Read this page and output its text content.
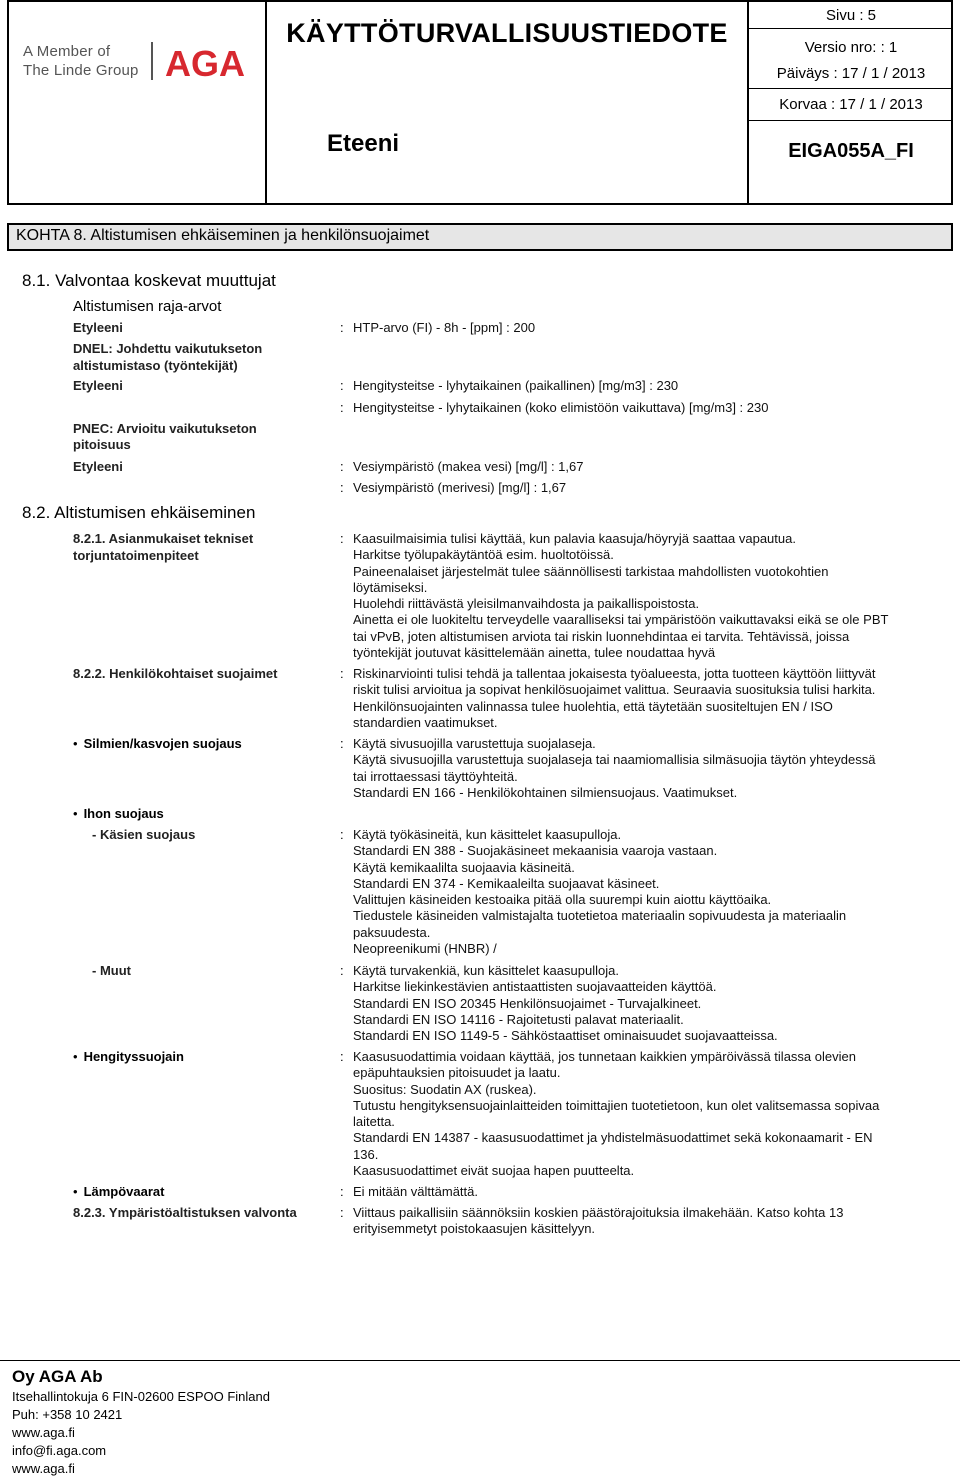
A Member of
The Linde Group AGA
KÄYTTÖTURVALLISUUSTIEDOTE
Eteeni
Sivu : 5
Versio nro: : 1
Päiväys : 17 / 1 / 2013
Korvaa : 17 / 1 / 2013
EIGA055A_FI
KOHTA 8. Altistumisen ehkäiseminen ja henkilönsuojaimet
8.1. Valvontaa koskevat muuttujat
Altistumisen raja-arvot
Etyleeni	: HTP-arvo (FI) - 8h - [ppm] : 200
DNEL: Johdettu vaikutukseton
altistumistaso (työntekijät)
Etyleeni	: Hengitysteitse - lyhytaikainen (paikallinen) [mg/m3] : 230
: Hengitysteitse - lyhytaikainen (koko elimistöön vaikuttava) [mg/m3] : 230
PNEC: Arvioitu vaikutukseton
pitoisuus
Etyleeni	: Vesiympäristö (makea vesi) [mg/l] : 1,67
: Vesiympäristö (merivesi) [mg/l] : 1,67
8.2. Altistumisen ehkäiseminen
8.2.1. Asianmukaiset tekniset
torjuntatoimenpiteet
: Kaasuilmaisimia tulisi käyttää, kun palavia kaasuja/höyryjä saattaa vapautua.
Harkitse työlupakäytäntöä esim. huoltotöissä.
Paineenalaiset järjestelmät tulee säännöllisesti tarkistaa mahdollisten vuotokohtien
löytämiseksi.
Huolehdi riittävästä yleisilmanvaihdosta ja paikallispoistosta.
Ainetta ei ole luokiteltu terveydelle vaaralliseksi tai ympäristöön vaikuttavaksi eikä se ole PBT
tai vPvB, joten altistumisen arviota tai riskin luonnehdintaa ei tarvita. Tehtävissä, joissa
työntekijät joutuvat käsittelemään ainetta, tulee noudattaa hyvä
8.2.2. Henkilökohtaiset suojaimet	: Riskinarviointi tulisi tehdä ja tallentaa jokaisesta työalueesta, jotta tuotteen käyttöön liittyvät
riskit tulisi arvioitua ja sopivat henkilösuojaimet valittua. Seuraavia suosituksia tulisi harkita.
Henkilönsuojainten valinnassa tulee huolehtia, että täytetään suositeltujen EN / ISO
standardien vaatimukset.
• Silmien/kasvojen suojaus	: Käytä sivusuojilla varustettuja suojalaseja.
Käytä sivusuojilla varustettuja suojalaseja tai naamiomallisia silmäsuojia täytön yhteydessä
tai irrottaessasi täyttöyhteitä.
Standardi EN 166 - Henkilökohtainen silmiensuojaus. Vaatimukset.
• Ihon suojaus
- Käsien suojaus	: Käytä työkäsineitä, kun käsittelet kaasupulloja.
Standardi EN 388 - Suojakäsineet mekaanisia vaaroja vastaan.
Käytä kemikaalilta suojaavia käsineitä.
Standardi EN 374 - Kemikaaleilta suojaavat käsineet.
Valittujen käsineiden kestoaika pitää olla suurempi kuin aiottu käyttöaika.
Tiedustele käsineiden valmistajalta tuotetietoa materiaalin sopivuudesta ja materiaalin
paksuudesta.
Neopreenikumi (HNBR) /
- Muut	: Käytä turvakenkiä, kun käsittelet kaasupulloja.
Harkitse liekinkestävien antistaattisten suojavaatteiden käyttöä.
Standardi EN ISO 20345 Henkilönsuojaimet - Turvajalkineet.
Standardi EN ISO 14116 - Rajoitetusti palavat materiaalit.
Standardi EN ISO 1149-5 - Sähköstaattiset ominaisuudet suojavaatteissa.
• Hengityssuojain	: Kaasusuodattimia voidaan käyttää, jos tunnetaan kaikkien ympäröivässä tilassa olevien
epäpuhtauksien pitoisuudet ja laatu.
Suositus: Suodatin AX (ruskea).
Tutustu hengityksensuojainlaitteiden toimittajien tuotetietoon, kun olet valitsemassa sopivaa
laitetta.
Standardi EN 14387 - kaasusuodattimet ja yhdistelmäsuodattimet sekä kokonaamarit - EN
136.
Kaasusuodattimet eivät suojaa hapen puutteelta.
• Lämpövaarat	: Ei mitään välttämättä.
8.2.3. Ympäristöaltistuksen valvonta	: Viittaus paikallisiin säännöksiin koskien päästörajoituksia ilmakehään. Katso kohta 13
erityisemmetyt poistokaasujen käsittelyyn.
Oy AGA Ab
Itsehallintokuja 6 FIN-02600 ESPOO Finland
Puh: +358 10 2421
www.aga.fi
info@fi.aga.com
www.aga.fi
